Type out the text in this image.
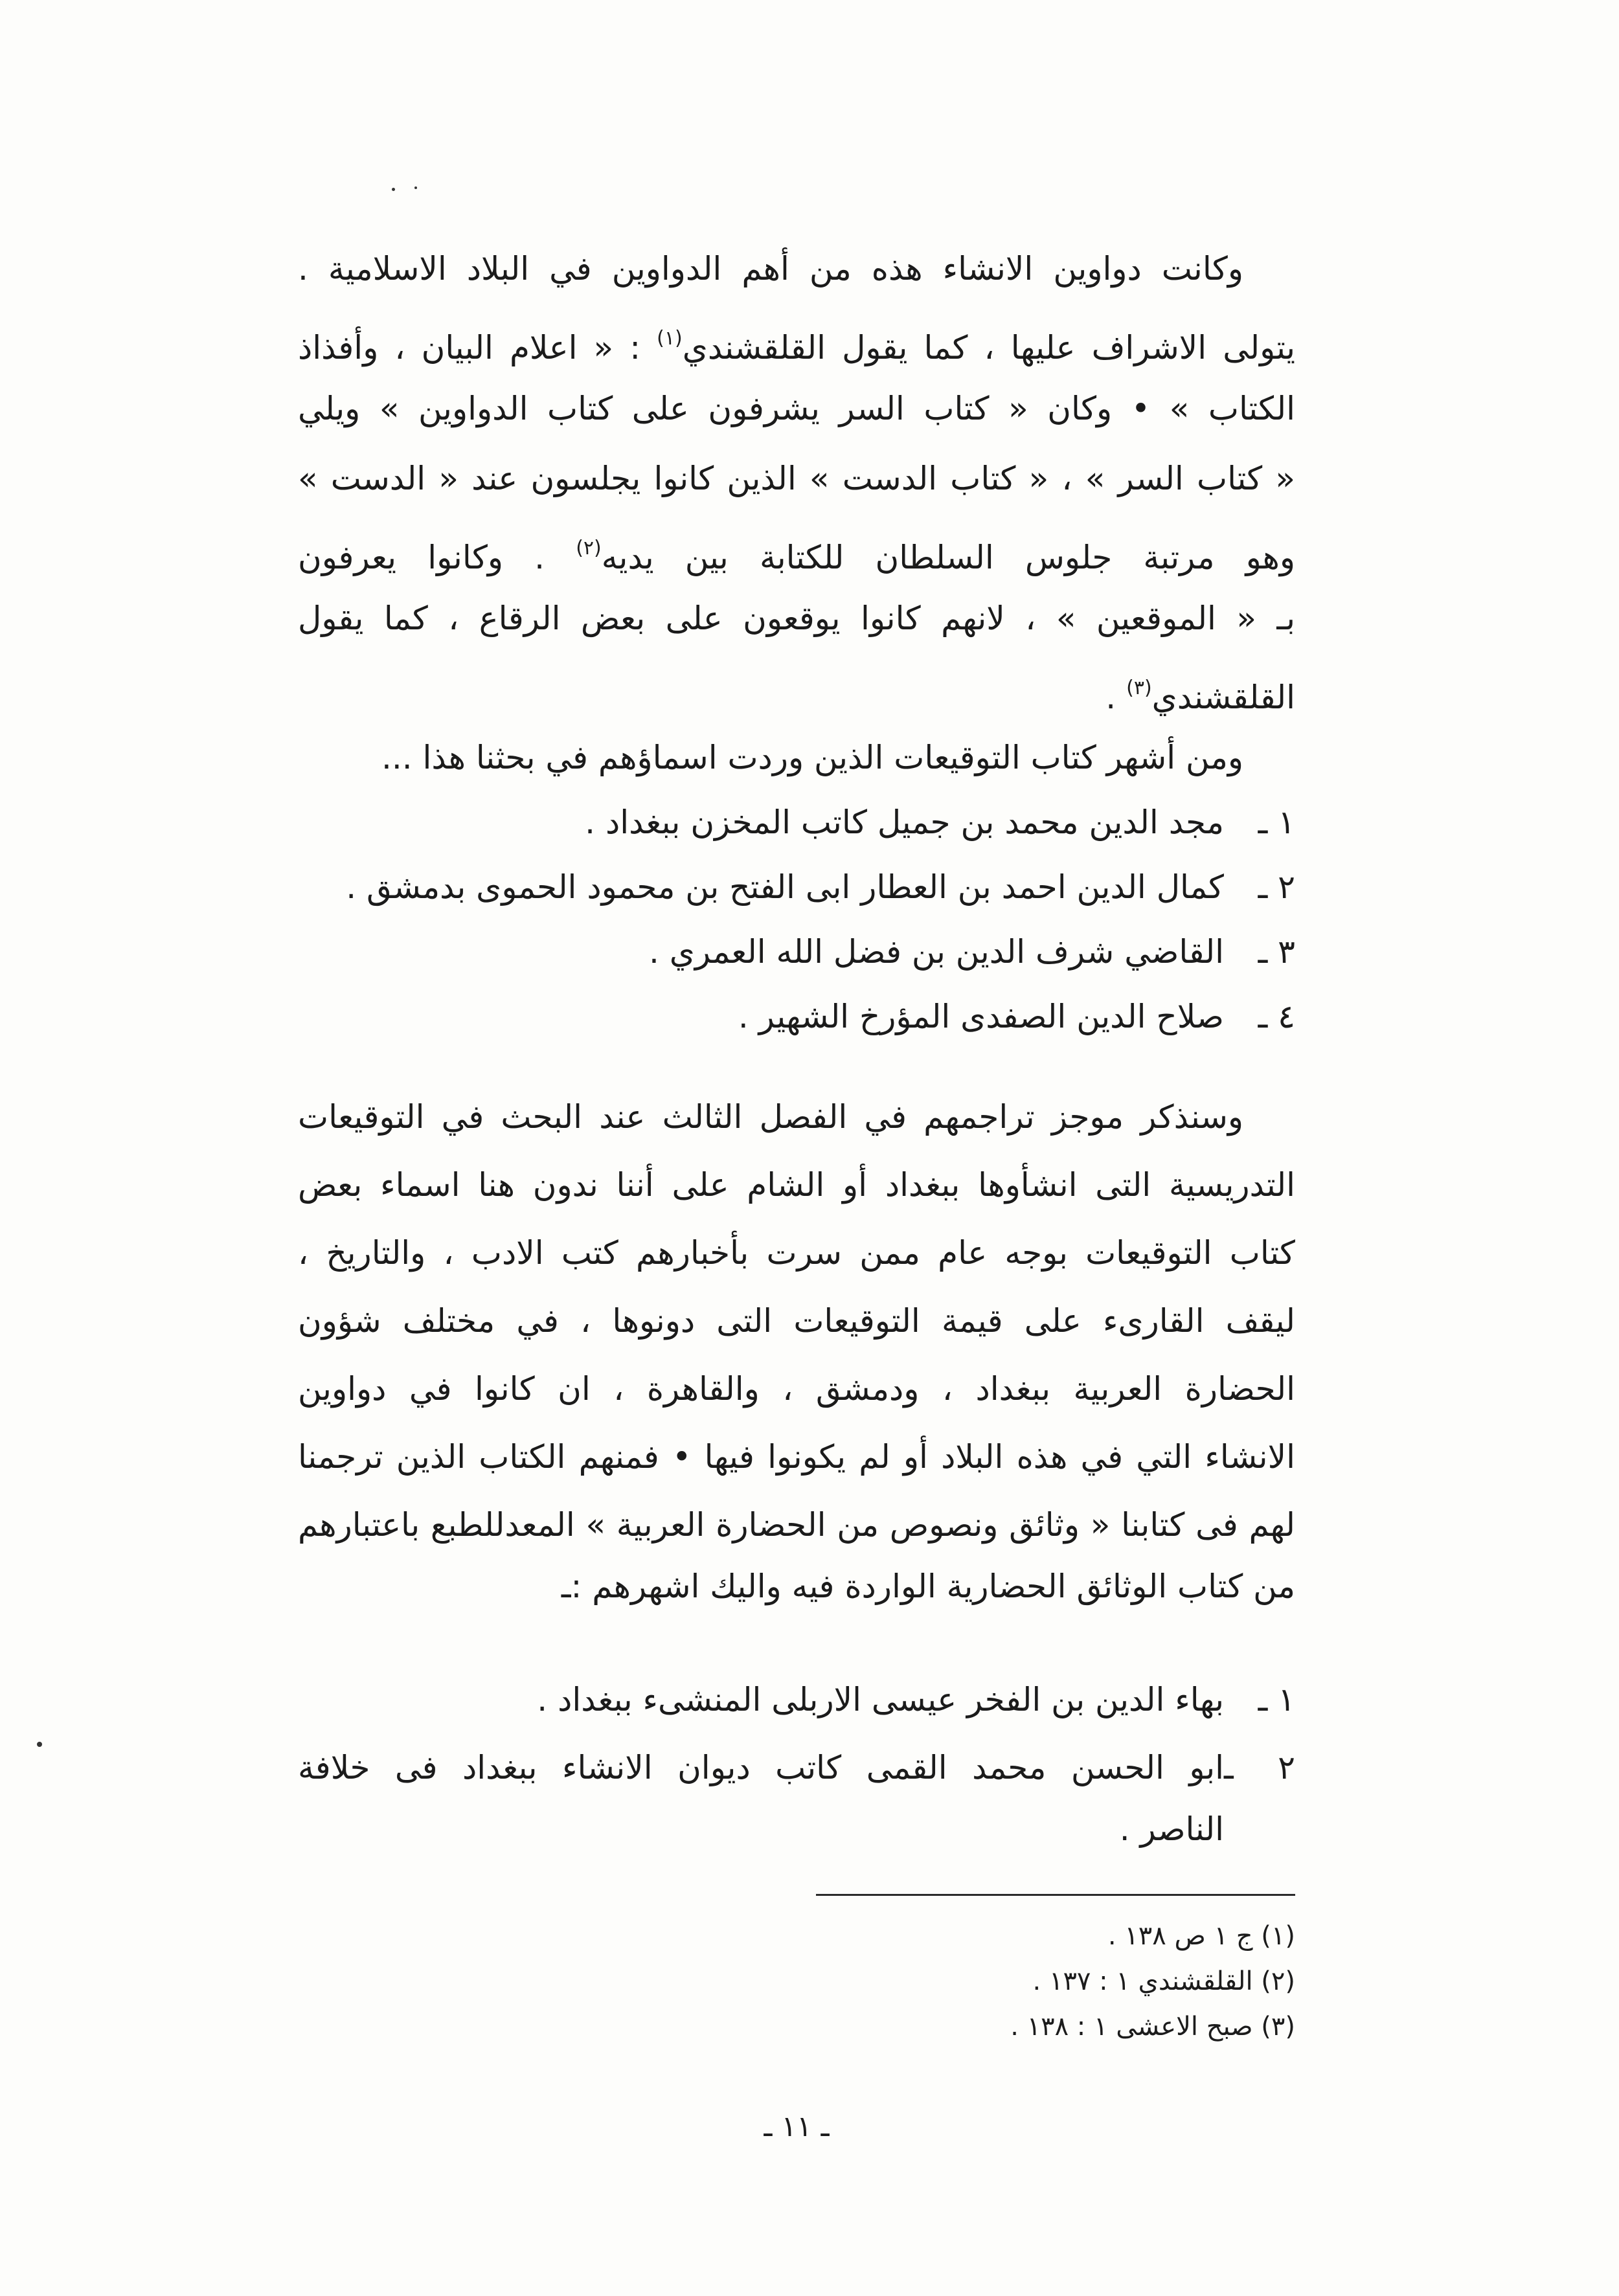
وكانت دواوين الانشاء هذه من أهم الدواوين في البلاد الاسلامية .
يتولى الاشراف عليها ، كما يقول القلقشندي$^{(١)}$ : « اعلام البيان ، وأفذاذ
الكتاب » • وكان « كتاب السر يشرفون على كتاب الدواوين » ويلي
« كتاب السر » ، « كتاب الدست » الذين كانوا يجلسون عند « الدست »
وهو مرتبة جلوس السلطان للكتابة بين يديه$^{(٢)}$ . وكانوا يعرفون
بـ « الموقعين » ، لانهم كانوا يوقعون على بعض الرقاع ، كما يقول
القلقشندي$^{(٣)}$ .
ومن أشهر كتاب التوقيعات الذين وردت اسماؤهم في بحثنا هذا ...
١ ـمجد الدين محمد بن جميل كاتب المخزن ببغداد .
٢ ـكمال الدين احمد بن العطار ابى الفتح بن محمود الحموى بدمشق .
٣ ـالقاضي شرف الدين بن فضل الله العمري .
٤ ـصلاح الدين الصفدى المؤرخ الشهير .
وسنذكر موجز تراجمهم في الفصل الثالث عند البحث في التوقيعات
التدريسية التى انشأوها ببغداد أو الشام على أننا ندون هنا اسماء بعض
كتاب التوقيعات بوجه عام ممن سرت بأخبارهم كتب الادب ، والتاريخ ،
ليقف القارىء على قيمة التوقيعات التى دونوها ، في مختلف شؤون
الحضارة العربية ببغداد ، ودمشق ، والقاهرة ، ان كانوا في دواوين
الانشاء التي في هذه البلاد أو لم يكونوا فيها • فمنهم الكتاب الذين ترجمنا
لهم فى كتابنا « وثائق ونصوص من الحضارة العربية » المعدللطبع باعتبارهم
من كتاب الوثائق الحضارية الواردة فيه واليك اشهرهم :ـ
١ ـبهاء الدين بن الفخر عيسى الاربلى المنشىء ببغداد .
٢ ـابو الحسن محمد القمى كاتب ديوان الانشاء ببغداد فى خلافة
الناصر .
(١) ج ١ ص ١٣٨ .
(٢) القلقشندي ١ : ١٣٧ .
(٣) صبح الاعشى ١ : ١٣٨ .
ـ ١١ ـ
